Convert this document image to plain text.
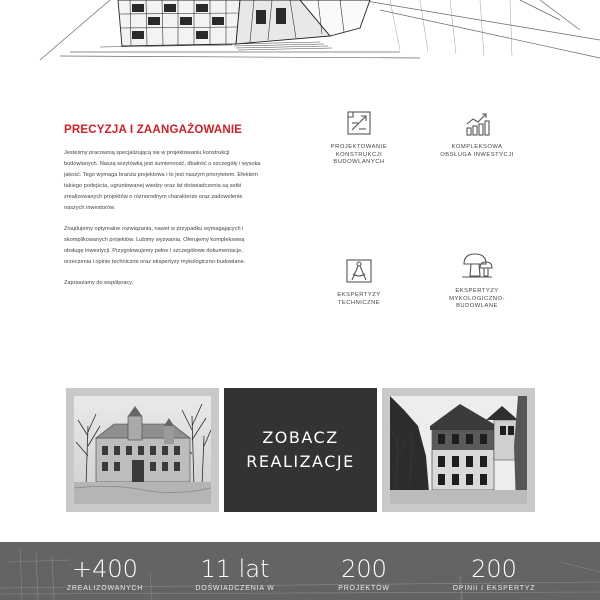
PRECYZJA I ZAANGAŻOWANIE

Jesteśmy pracownią specjalizującą się w projektowaniu konstrukcji budowlanych. Naszą wizytówką jest sumienność, dbałość o szczegóły i wysoka jakość. Tego wymaga branża projektowa i to jest naszym priorytetem. Efektem takiego podejścia, ugruntowanej wiedzy oraz lat doświadczenia są setki zrealizowanych projektów o różnorodnym charakterze oraz zadowolenie naszych inwestorów.

Znajdujemy optymalne rozwiązania, nawet w przypadku wymagających i skomplikowanych projektów. Lubimy wyzwania. Oferujemy kompleksową obsługę inwestycji. Przygotowujemy pełne i szczegółowe dokumentacje, orzeczenia i opinie techniczne oraz ekspertyzy mykologiczno-budowlane.

Zapraszamy do współpracy.

PROJEKTOWANIE
KONSTRUKCJI
BUDOWLANYCH
KOMPLEKSOWA
OBSŁUGA INWESTYCJI
EKSPERTYZY
TECHNICZNE
EKSPERTYZY
MYKOLOGICZNO-
BUDOWLANE
ZOBACZ
REALIZACJE
+400
ZREALIZOWANYCH
11 lat
DOŚWIADCZENIA W
200
PROJEKTÓW
200
OPINII I EKSPERTYZ
